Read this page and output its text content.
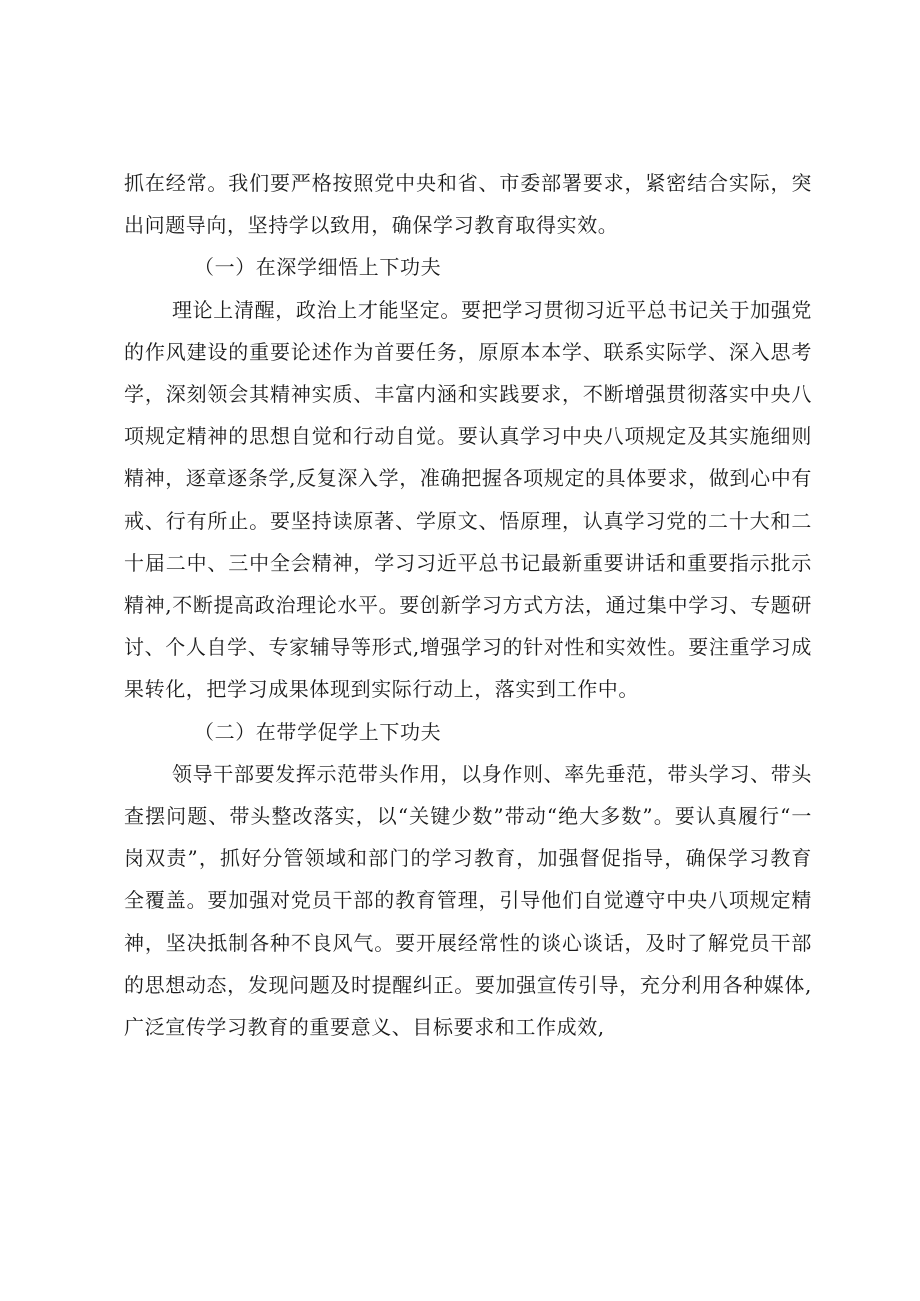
抓在经常。我们要严格按照党中央和省、市委部署要求，紧密结合实际，突出问题导向，坚持学以致用，确保学习教育取得实效。

（一）在深学细悟上下功夫

理论上清醒，政治上才能坚定。要把学习贯彻习近平总书记关于加强党的作风建设的重要论述作为首要任务，原原本本学、联系实际学、深入思考学，深刻领会其精神实质、丰富内涵和实践要求，不断增强贯彻落实中央八项规定精神的思想自觉和行动自觉。要认真学习中央八项规定及其实施细则精神，逐章逐条学,反复深入学，准确把握各项规定的具体要求，做到心中有戒、行有所止。要坚持读原著、学原文、悟原理，认真学习党的二十大和二十届二中、三中全会精神，学习习近平总书记最新重要讲话和重要指示批示精神,不断提高政治理论水平。要创新学习方式方法，通过集中学习、专题研讨、个人自学、专家辅导等形式,增强学习的针对性和实效性。要注重学习成果转化，把学习成果体现到实际行动上，落实到工作中。

（二）在带学促学上下功夫

领导干部要发挥示范带头作用，以身作则、率先垂范，带头学习、带头查摆问题、带头整改落实，以“关键少数”带动“绝大多数”。要认真履行“一岗双责”，抓好分管领域和部门的学习教育，加强督促指导，确保学习教育全覆盖。要加强对党员干部的教育管理，引导他们自觉遵守中央八项规定精神，坚决抵制各种不良风气。要开展经常性的谈心谈话，及时了解党员干部的思想动态，发现问题及时提醒纠正。要加强宣传引导，充分利用各种媒体,广泛宣传学习教育的重要意义、目标要求和工作成效,
